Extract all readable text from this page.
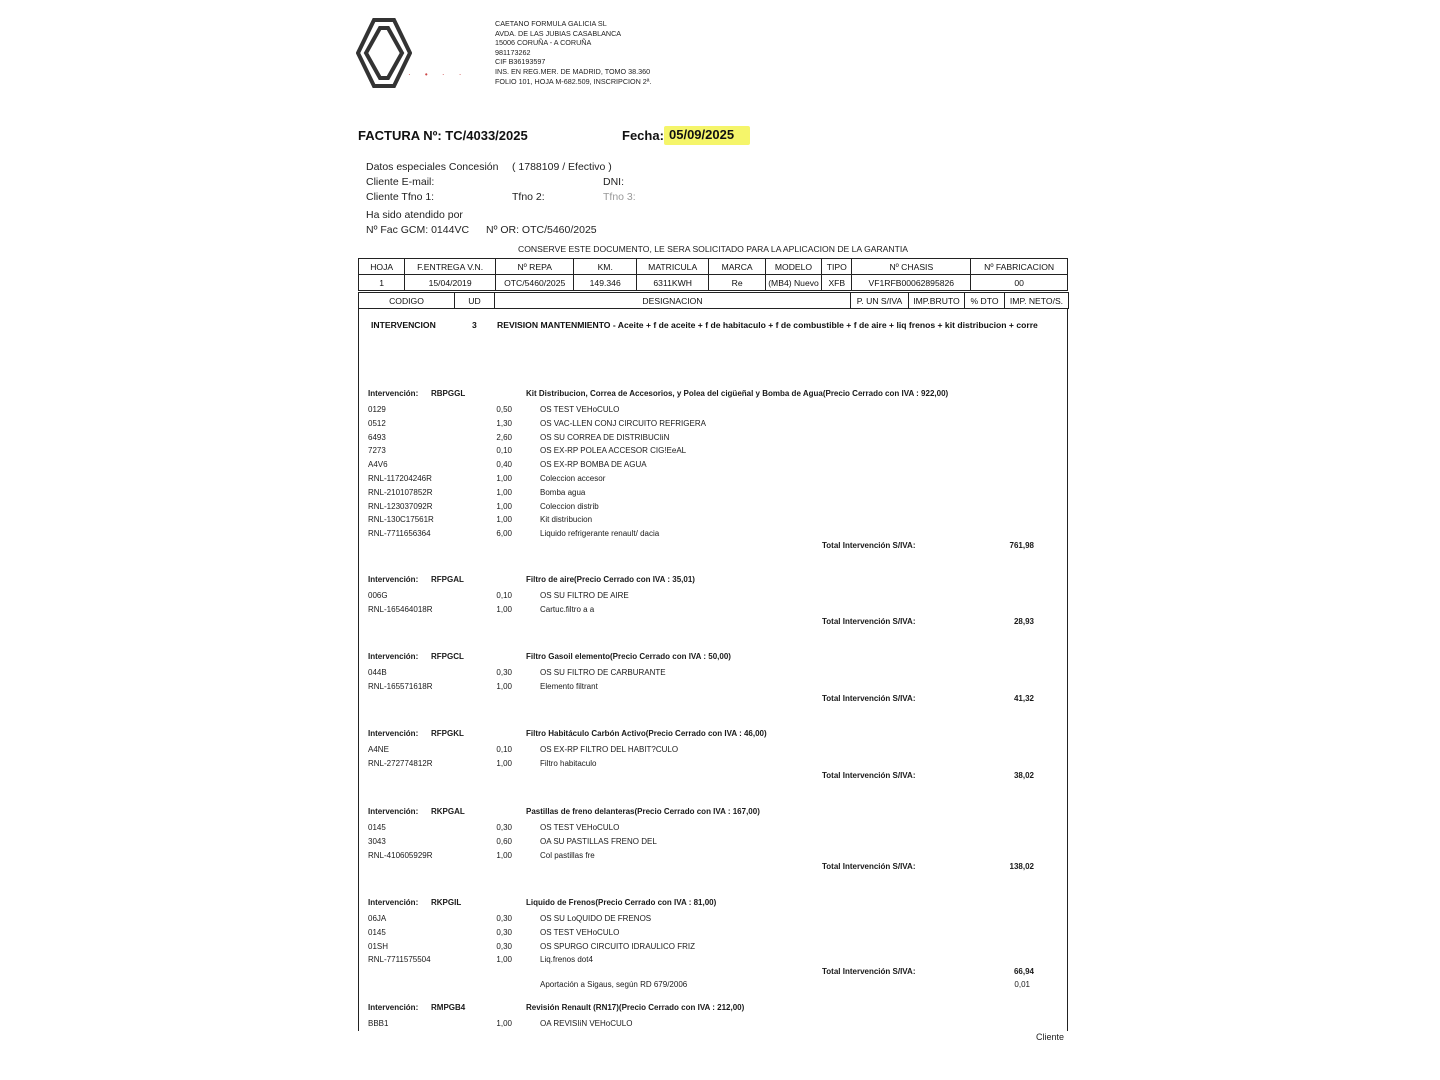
· • · ·
CAETANO FORMULA GALICIA SL
AVDA. DE LAS JUBIAS CASABLANCA
15006 CORUÑA - A CORUÑA
981173262
CIF B36193597
INS. EN REG.MER. DE MADRID, TOMO 38.360
FOLIO 101, HOJA M-682.509, INSCRIPCION 2ª.
FACTURA Nº: TC/4033/2025	Fecha: 05/09/2025
Datos especiales Concesión ( 1788109 / Efectivo )
Cliente E-mail:	DNI:
Cliente Tfno 1:	Tfno 2:	Tfno 3:
Ha sido atendido por
Nº Fac GCM: 0144VC Nº OR: OTC/5460/2025
CONSERVE ESTE DOCUMENTO, LE SERA SOLICITADO PARA LA APLICACION DE LA GARANTIA
HOJA	F.ENTREGA V.N.	Nº REPA	KM.	MATRICULA	MARCA	MODELO	TIPO	Nº CHASIS	Nº FABRICACION
1	15/04/2019	OTC/5460/2025	149.346	6311KWH	Re	(MB4) Nuevo	XFB	VF1RFB00062895826	00
CODIGO	UD	DESIGNACION	P. UN S/IVA	IMP.BRUTO	% DTO	IMP. NETO/S.
INTERVENCION	3 REVISION MANTENMIENTO - Aceite + f de aceite + f de habitaculo + f de combustible + f de aire + liq frenos + kit distribucion + corre
Intervención: RBPGGL	Kit Distribucion, Correa de Accesorios, y Polea del cigüeñal y Bomba de Agua(Precio Cerrado con IVA : 922,00)
0129	0,50	OS TEST VEHoCULO
0512	1,30	OS VAC-LLEN CONJ CIRCUITO REFRIGERA
6493	2,60	OS SU CORREA DE DISTRIBUCIiN
7273	0,10	OS EX-RP POLEA ACCESOR CIG!EeAL
A4V6	0,40	OS EX-RP BOMBA DE AGUA
RNL-117204246R	1,00	Coleccion accesor
RNL-210107852R	1,00	Bomba agua
RNL-123037092R	1,00	Coleccion distrib
RNL-130C17561R	1,00	Kit distribucion
RNL-7711656364	6,00	Liquido refrigerante renault/ dacia
Total Intervención S/IVA:	761,98
Intervención: RFPGAL	Filtro de aire(Precio Cerrado con IVA : 35,01)
006G	0,10	OS SU FILTRO DE AIRE
RNL-165464018R	1,00	Cartuc.filtro a a
Total Intervención S/IVA:	28,93
Intervención: RFPGCL	Filtro Gasoil elemento(Precio Cerrado con IVA : 50,00)
044B	0,30	OS SU FILTRO DE CARBURANTE
RNL-165571618R	1,00	Elemento filtrant
Total Intervención S/IVA:	41,32
Intervención: RFPGKL	Filtro Habitáculo Carbón Activo(Precio Cerrado con IVA : 46,00)
A4NE	0,10	OS EX-RP FILTRO DEL HABIT?CULO
RNL-272774812R	1,00	Filtro habitaculo
Total Intervención S/IVA:	38,02
Intervención: RKPGAL	Pastillas de freno delanteras(Precio Cerrado con IVA : 167,00)
0145	0,30	OS TEST VEHoCULO
3043	0,60	OA SU PASTILLAS FRENO DEL
RNL-410605929R	1,00	Col pastillas fre
Total Intervención S/IVA:	138,02
Intervención: RKPGIL	Liquido de Frenos(Precio Cerrado con IVA : 81,00)
06JA	0,30	OS SU LoQUIDO DE FRENOS
0145	0,30	OS TEST VEHoCULO
01SH	0,30	OS SPURGO CIRCUITO IDRAULICO FRIZ
RNL-7711575504	1,00	Liq.frenos dot4
Total Intervención S/IVA:	66,94
Aportación a Sigaus, según RD 679/2006	0,01
Intervención: RMPGB4	Revisión Renault (RN17)(Precio Cerrado con IVA : 212,00)
BBB1	1,00	OA REVISIiN VEHoCULO
Cliente
